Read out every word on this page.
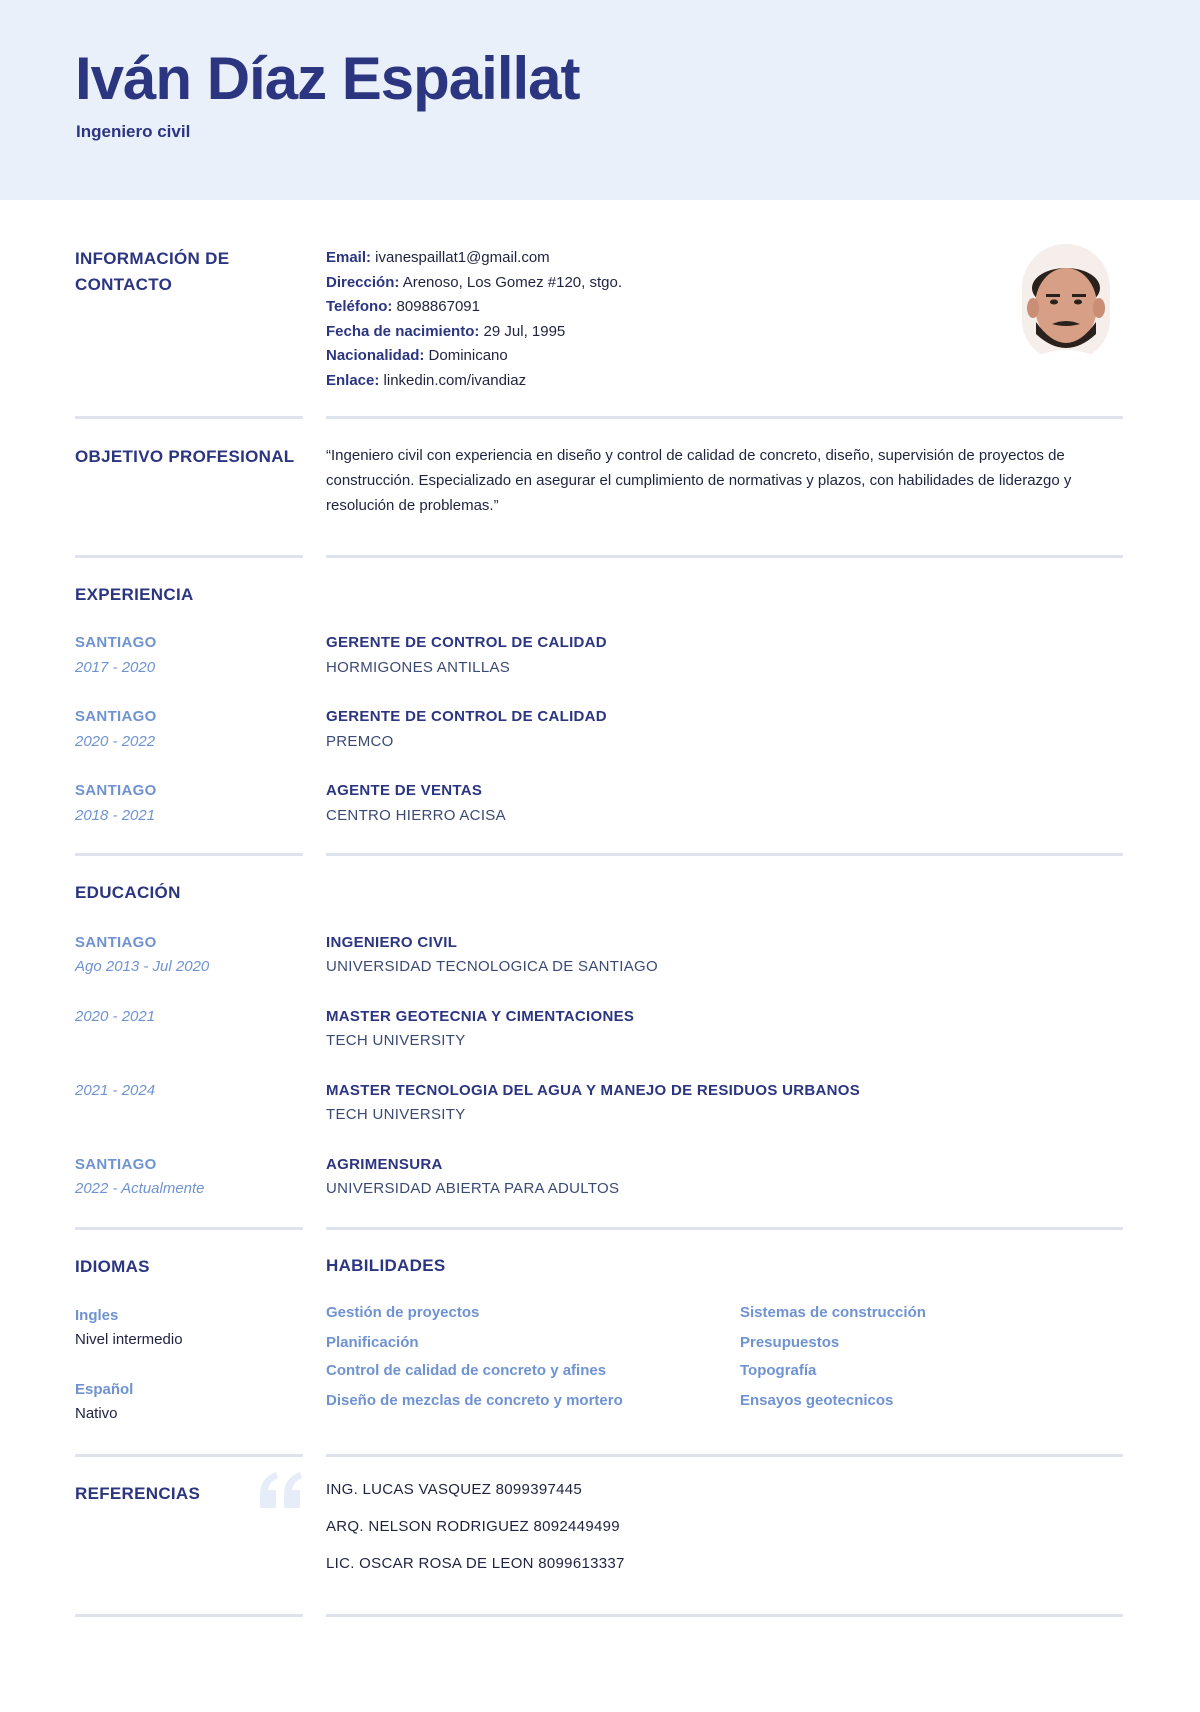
Iván Díaz Espaillat
Ingeniero civil
INFORMACIÓN DE
CONTACTO
Email: ivanespaillat1@gmail.com
Dirección: Arenoso, Los Gomez #120, stgo.
Teléfono: 8098867091
Fecha de nacimiento: 29 Jul, 1995
Nacionalidad: Dominicano
Enlace: linkedin.com/ivandiaz
OBJETIVO PROFESIONAL “Ingeniero civil con experiencia en diseño y control de calidad de concreto, diseño, supervisión de proyectos de construcción. Especializado en asegurar el cumplimiento de normativas y plazos, con habilidades de liderazgo y resolución de problemas.”
EXPERIENCIA
SANTIAGO
2017 - 2020
GERENTE DE CONTROL DE CALIDAD
HORMIGONES ANTILLAS
SANTIAGO
2020 - 2022
GERENTE DE CONTROL DE CALIDAD
PREMCO
SANTIAGO
2018 - 2021
AGENTE DE VENTAS
CENTRO HIERRO ACISA
EDUCACIÓN
SANTIAGO
Ago 2013 - Jul 2020
INGENIERO CIVIL
UNIVERSIDAD TECNOLOGICA DE SANTIAGO
2020 - 2021	MASTER GEOTECNIA Y CIMENTACIONES
TECH UNIVERSITY
2021 - 2024	MASTER TECNOLOGIA DEL AGUA Y MANEJO DE RESIDUOS URBANOS
TECH UNIVERSITY
SANTIAGO
2022 - Actualmente
AGRIMENSURA
UNIVERSIDAD ABIERTA PARA ADULTOS
IDIOMAS
Ingles
Nivel intermedio
Español
Nativo
HABILIDADES
Gestión de proyectos
Planificación
Control de calidad de concreto y afines
Diseño de mezclas de concreto y mortero
Sistemas de construcción
Presupuestos
Topografía
Ensayos geotecnicos
REFERENCIAS	ING. LUCAS VASQUEZ 8099397445
ARQ. NELSON RODRIGUEZ 8092449499
LIC. OSCAR ROSA DE LEON 8099613337
